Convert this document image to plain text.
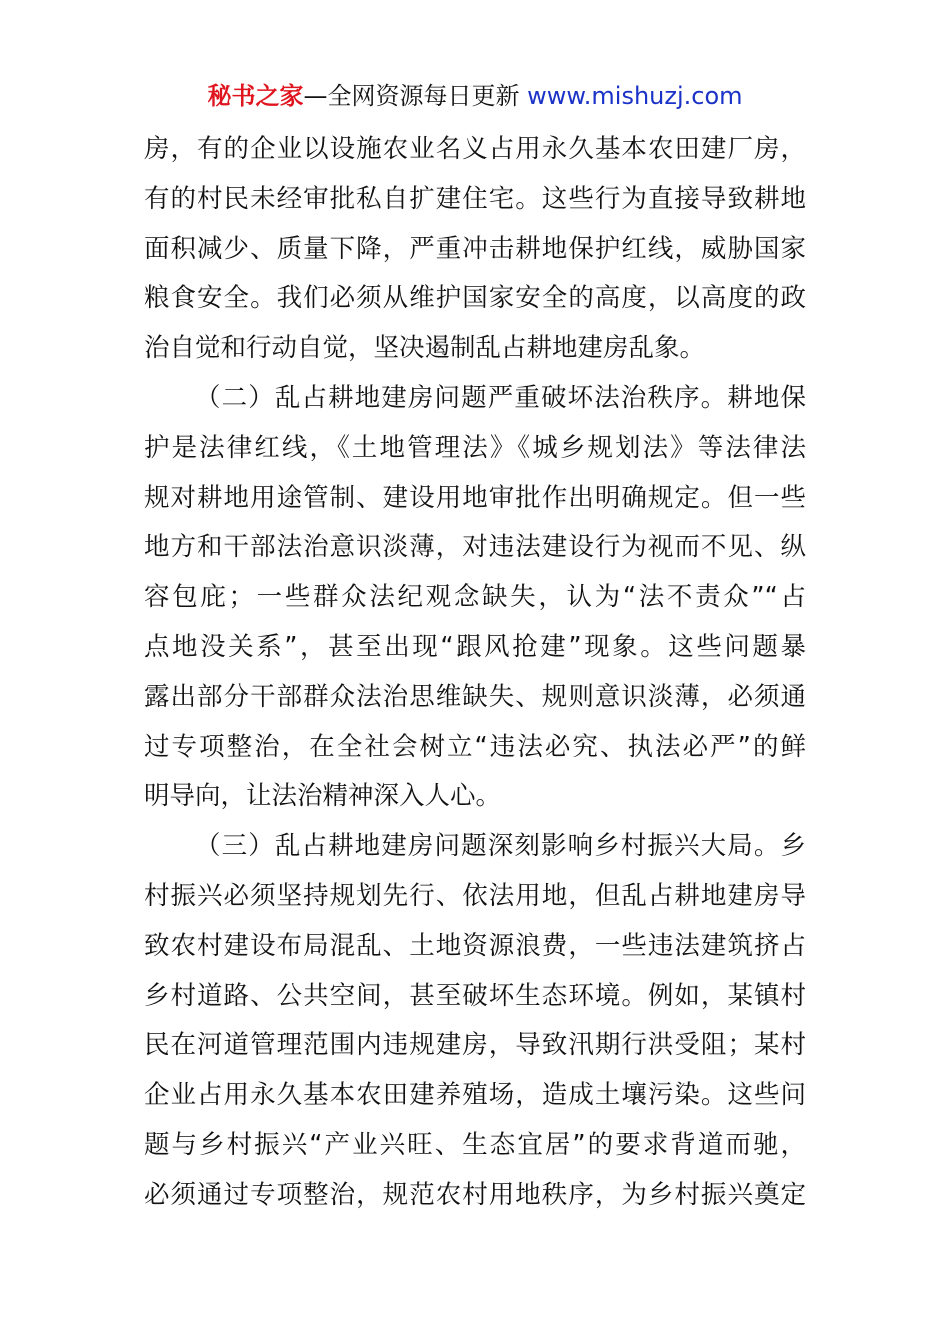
秘书之家—全网资源每日更新 www.mishuzj.com
房，有的企业以设施农业名义占用永久基本农田建厂房，
有的村民未经审批私自扩建住宅。这些行为直接导致耕地
面积减少、质量下降，严重冲击耕地保护红线，威胁国家
粮食安全。我们必须从维护国家安全的高度，以高度的政
治自觉和行动自觉，坚决遏制乱占耕地建房乱象。
（二）乱占耕地建房问题严重破坏法治秩序。耕地保
护是法律红线，《土地管理法》《城乡规划法》等法律法
规对耕地用途管制、建设用地审批作出明确规定。但一些
地方和干部法治意识淡薄，对违法建设行为视而不见、纵
容包庇；一些群众法纪观念缺失，认为“法不责众”“占
点地没关系”，甚至出现“跟风抢建”现象。这些问题暴
露出部分干部群众法治思维缺失、规则意识淡薄，必须通
过专项整治，在全社会树立“违法必究、执法必严”的鲜
明导向，让法治精神深入人心。
（三）乱占耕地建房问题深刻影响乡村振兴大局。乡
村振兴必须坚持规划先行、依法用地，但乱占耕地建房导
致农村建设布局混乱、土地资源浪费，一些违法建筑挤占
乡村道路、公共空间，甚至破坏生态环境。例如，某镇村
民在河道管理范围内违规建房，导致汛期行洪受阻；某村
企业占用永久基本农田建养殖场，造成土壤污染。这些问
题与乡村振兴“产业兴旺、生态宜居”的要求背道而驰，
必须通过专项整治，规范农村用地秩序，为乡村振兴奠定
